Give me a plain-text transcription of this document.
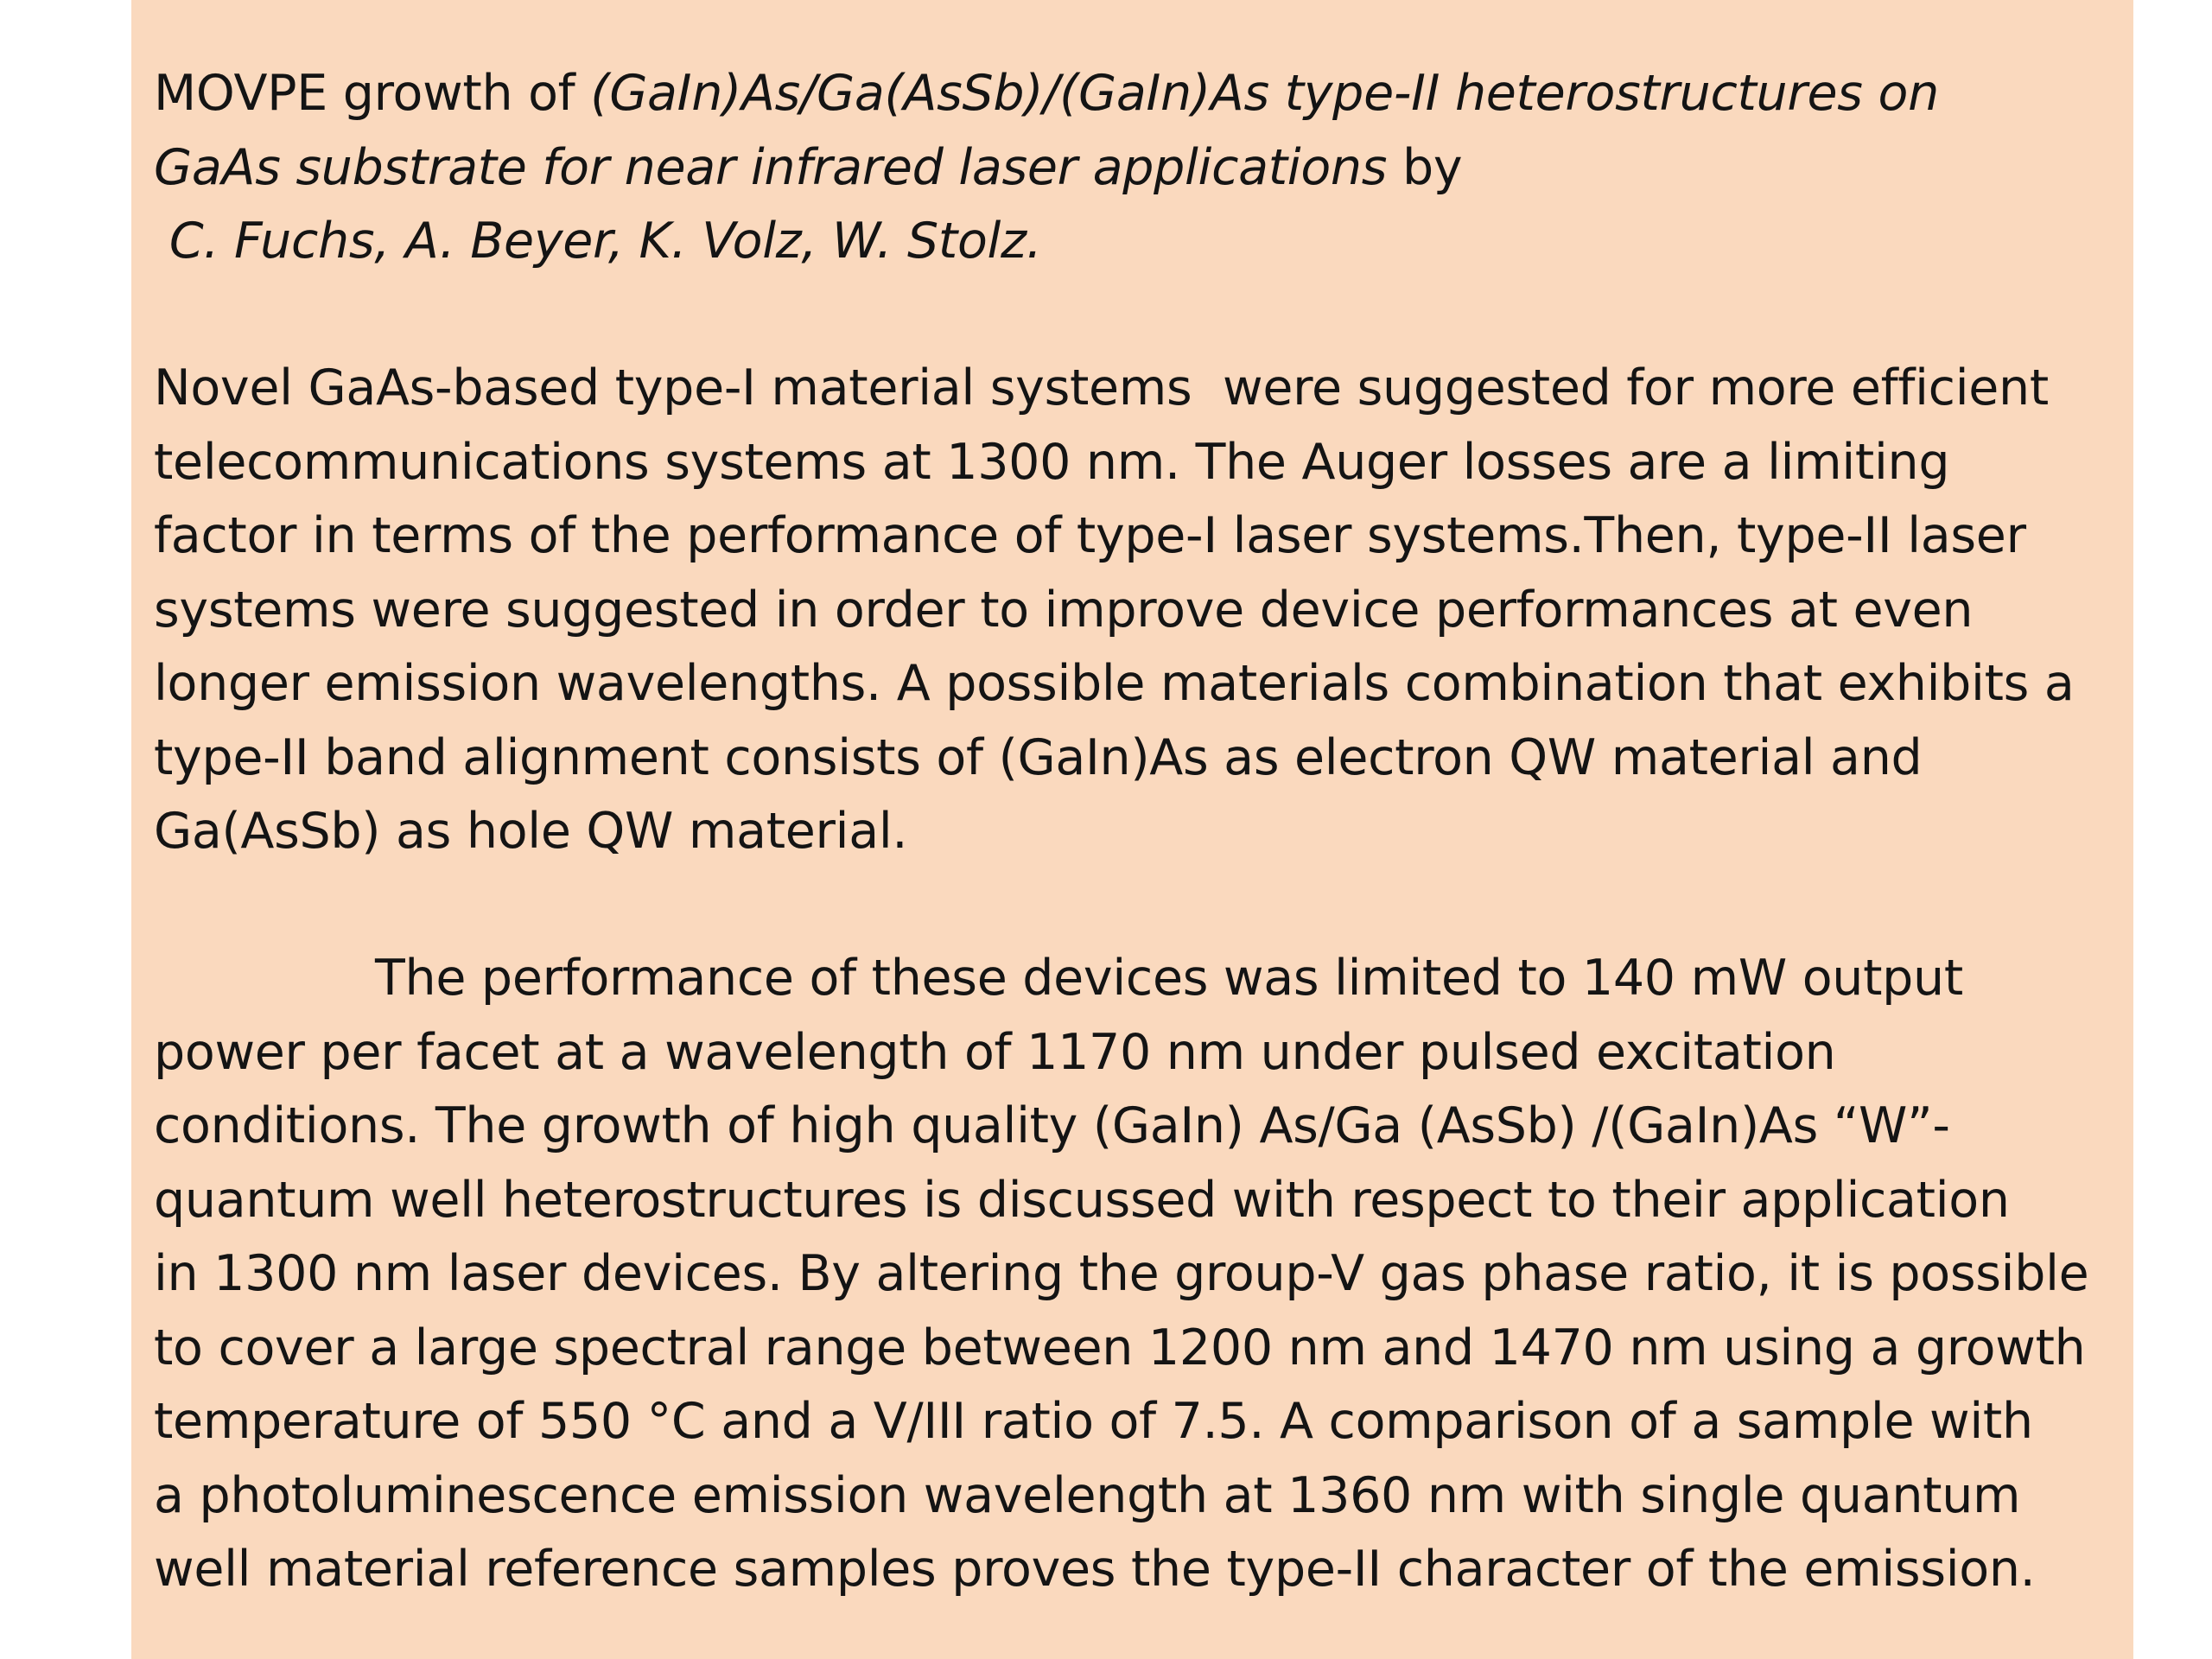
MOVPE growth of (GaIn)As/Ga(AsSb)/(GaIn)As type-II heterostructures on
GaAs substrate for near infrared laser applications by
C. Fuchs, A. Beyer, K. Volz, W. Stolz.
Novel GaAs-based type-I material systems  were suggested for more efficient
telecommunications systems at 1300 nm. The Auger losses are a limiting
factor in terms of the performance of type-I laser systems.Then, type-II laser
systems were suggested in order to improve device performances at even
longer emission wavelengths. A possible materials combination that exhibits a
type-II band alignment consists of (GaIn)As as electron QW material and
Ga(AsSb) as hole QW material.
The performance of these devices was limited to 140 mW output
power per facet at a wavelength of 1170 nm under pulsed excitation
conditions. The growth of high quality (GaIn) As/Ga (AsSb) /(GaIn)As “W”-
quantum well heterostructures is discussed with respect to their application
in 1300 nm laser devices. By altering the group-V gas phase ratio, it is possible
to cover a large spectral range between 1200 nm and 1470 nm using a growth
temperature of 550 °C and a V/III ratio of 7.5. A comparison of a sample with
a photoluminescence emission wavelength at 1360 nm with single quantum
well material reference samples proves the type-II character of the emission.
